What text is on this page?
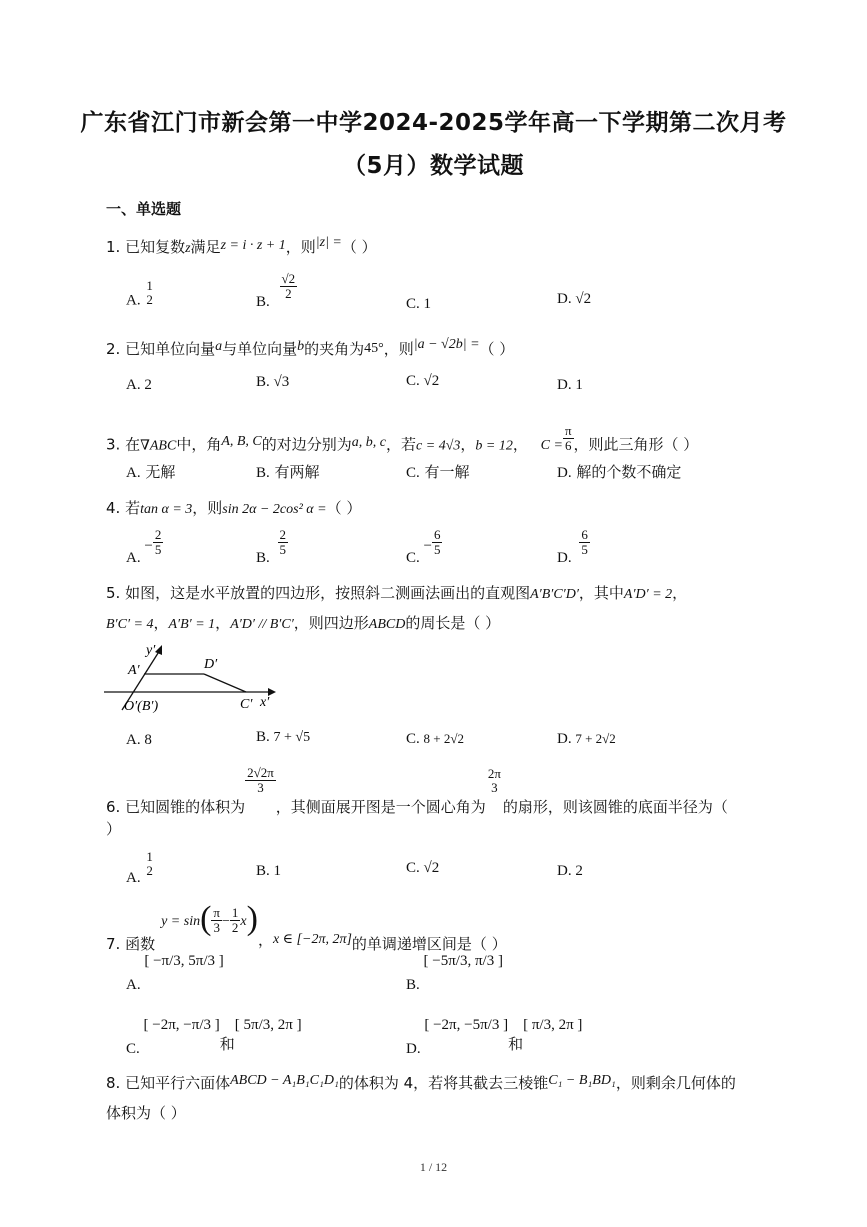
广东省江门市新会第一中学2024-2025学年高一下学期第二次月考
（5月）数学试题
一、单选题
1. 已知复数z满足z = i · z + 1，则|z| =（ ）
A.
1
2	B.
$\frac{√2}{2}$
C. 1	D. √2
2. 已知单位向量a与单位向量b的夹角为45°，则|a − √2b| =（ ）
A. 2	B. √3	C. √2	D. 1
3. 在∇ABC中，角A, B, C的对边分别为a, b, c，若c = 4√3，b = 12， $C = \frac{\pi}{6}$ ，则此三角形（ ）
A. 无解	B. 有两解	C. 有一解	D. 解的个数不确定
4. 若tan α = 3，则sin 2α − 2cos² α =（ ）
A. − $\frac{2}{5}$
B.
$\frac{2}{5}$
C. − $\frac{6}{5}$
D.
$\frac{6}{5}$
5. 如图，这是水平放置的四边形，按照斜二测画法画出的直观图A′B′C′D′，其中A′D′ = 2，
B′C′ = 4，A′B′ = 1，A′D′ // B′C′，则四边形ABCD的周长是（ ）
y′
A′	D′
O′(B′)	C′ x′
A. 8	B. 7 + √5	C. 8 + 2√2	D. 7 + 2√2
6. 已知圆锥的体积为
$\frac{2√2\pi}{3}$
，其侧面展开图是一个圆心角为
2π
3
的扇形，则该圆锥的底面半径为（
）
A.
1
2	B. 1	C. √2	D. 2
7. 函数$y = \sin( \frac{\pi}{3} - \frac{1}{2} x)$，x ∈ [−2π, 2π]的单调递增区间是（ ）
A. [ −π/3, 5π/3 ]
B. [ −5π/3, π/3 ]
C. [ −2π, −π/3 ]和[ 5π/3, 2π ]
D. [ −2π, −5π/3 ]和[ π/3, 2π ]
8. 已知平行六面体ABCD − A₁B₁C₁D₁的体积为 4，若将其截去三棱锥C₁ − B₁BD₁，则剩余几何体的
体积为（ ）
1 / 12
